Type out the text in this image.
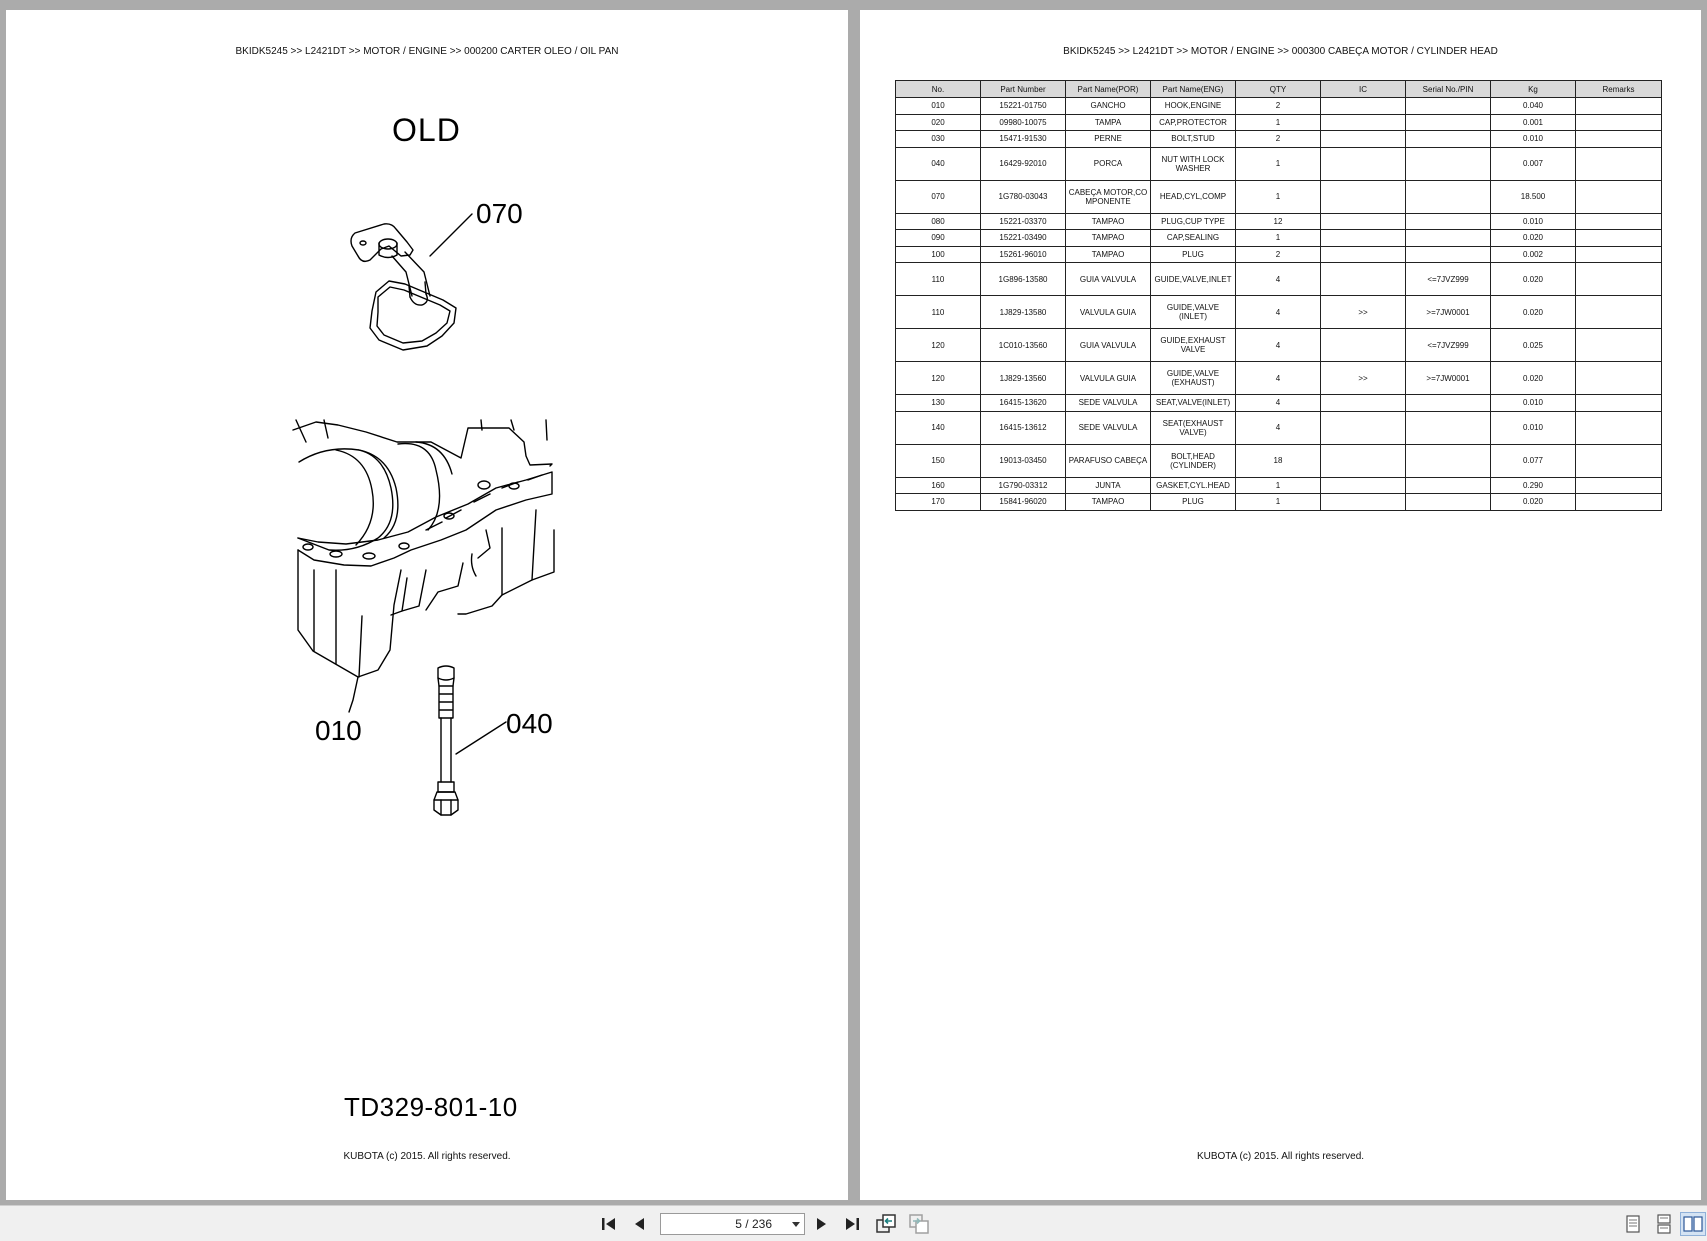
BKIDK5245 >> L2421DT >> MOTOR / ENGINE >> 000200 CARTER OLEO / OIL PAN
OLD
070
010	040
TD329-801-10
KUBOTA (c) 2015. All rights reserved.
BKIDK5245 >> L2421DT >> MOTOR / ENGINE >> 000300 CABEÇA MOTOR / CYLINDER HEAD
No.	Part Number	Part Name(POR)	Part Name(ENG)	QTY	IC	Serial No./PIN	Kg	Remarks
010	15221-01750	GANCHO	HOOK,ENGINE	2			0.040	
020	09980-10075	TAMPA	CAP,PROTECTOR	1			0.001	
030	15471-91530	PERNE	BOLT,STUD	2			0.010	
040	16429-92010	PORCA	NUT WITH LOCK WASHER	1			0.007	
070	1G780-03043	CABEÇA MOTOR,COMPONENTE	HEAD,CYL,COMP	1			18.500	
080	15221-03370	TAMPAO	PLUG,CUP TYPE	12			0.010	
090	15221-03490	TAMPAO	CAP,SEALING	1			0.020	
100	15261-96010	TAMPAO	PLUG	2			0.002	
110	1G896-13580	GUIA VALVULA	GUIDE,VALVE,INLET	4		<=7JVZ999	0.020	
110	1J829-13580	VALVULA GUIA	GUIDE,VALVE (INLET)	4	>>	>=7JW0001	0.020	
120	1C010-13560	GUIA VALVULA	GUIDE,EXHAUST VALVE	4		<=7JVZ999	0.025	
120	1J829-13560	VALVULA GUIA	GUIDE,VALVE (EXHAUST)	4	>>	>=7JW0001	0.020	
130	16415-13620	SEDE VALVULA	SEAT,VALVE(INLET)	4			0.010	
140	16415-13612	SEDE VALVULA	SEAT(EXHAUST VALVE)	4			0.010	
150	19013-03450	PARAFUSO CABEÇA	BOLT,HEAD (CYLINDER)	18			0.077	
160	1G790-03312	JUNTA	GASKET,CYL.HEAD	1			0.290	
170	15841-96020	TAMPAO	PLUG	1			0.020	
KUBOTA (c) 2015. All rights reserved.
5 / 236
